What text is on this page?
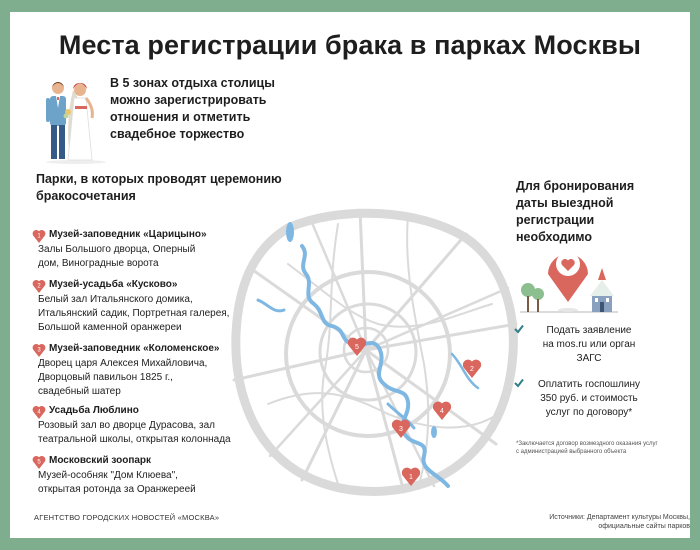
Места регистрации брака в парках Москвы
В 5 зонах отдыха столицы
можно зарегистрировать
отношения и отметить
свадебное торжество
Парки, в которых проводят церемонию
бракосочетания
1 Музей-заповедник «Царицыно»
Залы Большого дворца, Оперный
дом, Виноградные ворота
2 Музей-усадьба «Кусково»
Белый зал Итальянского домика,
Итальянский садик, Портретная галерея,
Большой каменной оранжереи
3 Музей-заповедник «Коломенское»
Дворец царя Алексея Михайловича,
Дворцовый павильон 1825 г.,
свадебный шатер
4 Усадьба Люблино
Розовый зал во дворце Дурасова, зал
театральной школы, открытая колоннада
5 Московский зоопарк
Музей-особняк "Дом Клюева",
открытая ротонда за Оранжереей
5
2
4
3
1
Для бронирования
даты выездной
регистрации
необходимо
Подать заявление
на mos.ru или орган
ЗАГС
Оплатить госпошлину
350 руб. и стоимость
услуг по договору*
*Заключается договор возмездного оказания услуг
с администрацией выбранного объекта
АГЕНТСТВО ГОРОДСКИХ НОВОСТЕЙ «МОСКВА»	Источники: Департамент культуры Москвы,
официальные сайты парков
